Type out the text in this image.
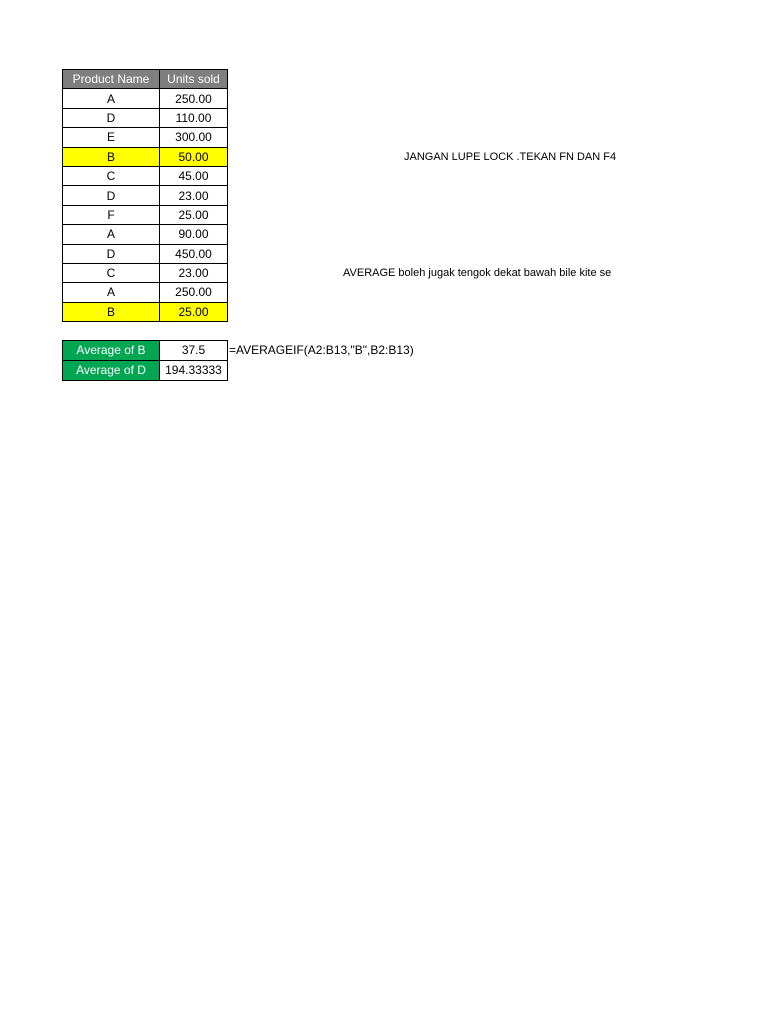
Product Name	Units sold
A	250.00
D	110.00
E	300.00
B	50.00
C	45.00
D	23.00
F	25.00
A	90.00
D	450.00
C	23.00
A	250.00
B	25.00
Average of B	37.5
Average of D	194.33333
=AVERAGEIF(A2:B13,"B",B2:B13)
JANGAN LUPE LOCK .TEKAN FN DAN F4
AVERAGE boleh jugak tengok dekat bawah bile kite se
